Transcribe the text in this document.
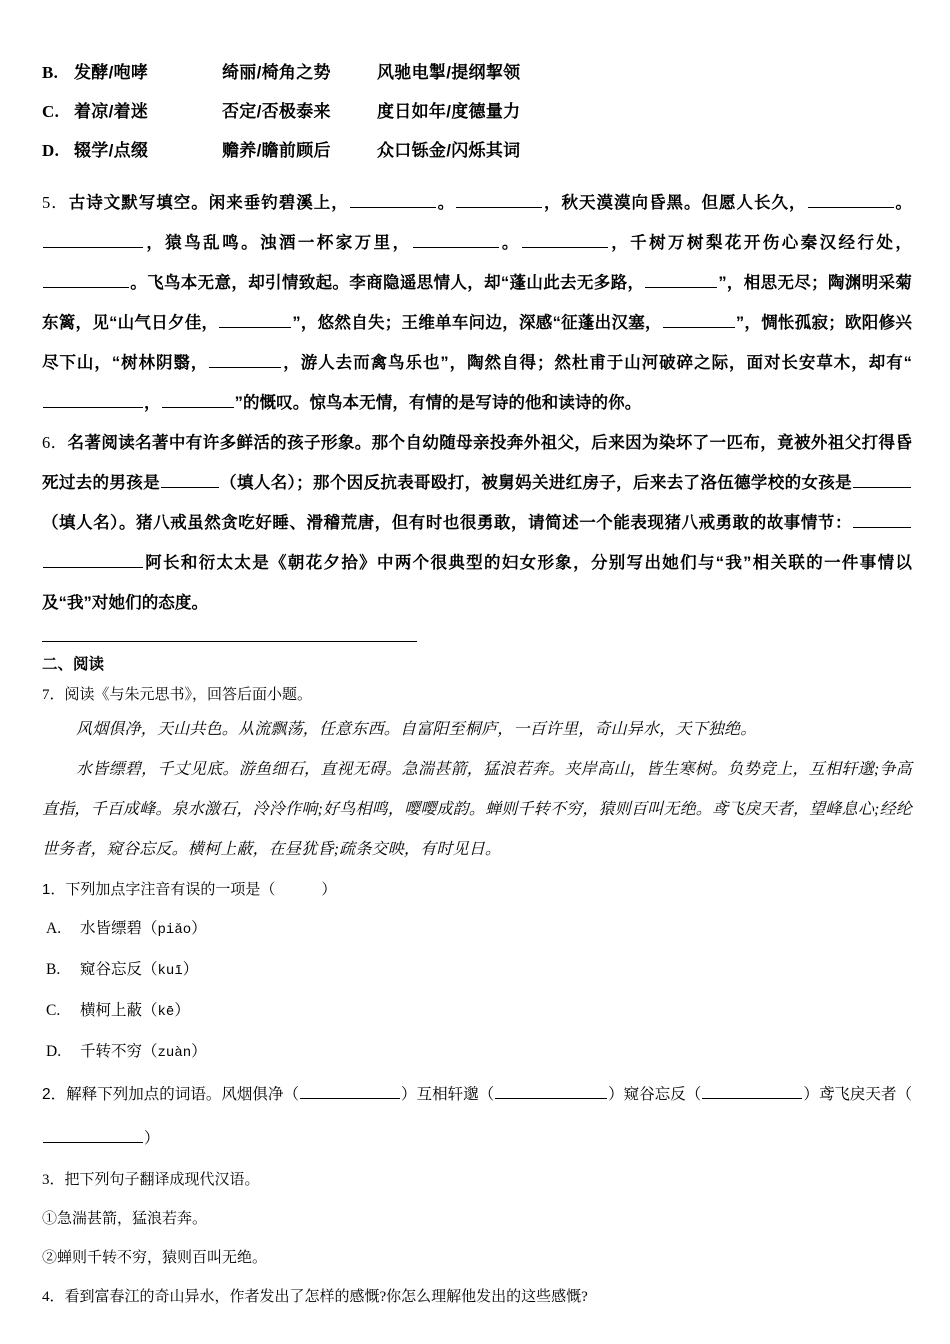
B. 发酵/咆哮	绮丽/椅角之势	风驰电掣/提纲挈领
C. 着凉/着迷	否定/否极泰来	度日如年/度德量力
D. 辍学/点缀	赡养/瞻前顾后	众口铄金/闪烁其词
5．古诗文默写填空。闲来垂钓碧溪上，	。	，秋天漠漠向昏黑。但愿人长久，	。，猿鸟乱鸣。浊酒一杯家万里，	。	，千树万树梨花开伤心秦汉经行处，。飞鸟本无意，却引情致起。李商隐遥思情人，却“蓬山此去无多路，	”，相思无尽；陶渊明采菊东篱，见“山气日夕佳，	”，悠然自失；王维单车问边，深感“征蓬出汉塞，	”，惆怅孤寂；欧阳修兴尽下山，“树林阴翳，	，游人去而禽鸟乐也”，陶然自得；然杜甫于山河破碎之际，面对长安草木，却有“，	”的慨叹。惊鸟本无情，有情的是写诗的他和读诗的你。
6．名著阅读名著中有许多鲜活的孩子形象。那个自幼随母亲投奔外祖父，后来因为染坏了一匹布，竟被外祖父打得昏死过去的男孩是	（填人名）；那个因反抗表哥殴打，被舅妈关进红房子，后来去了洛伍德学校的女孩是（填人名）。猪八戒虽然贪吃好睡、滑稽荒唐，但有时也很勇敢，请简述一个能表现猪八戒勇敢的故事情节：阿长和衍太太是《朝花夕拾》中两个很典型的妇女形象，分别写出她们与“我”相关联的一件事情以及“我”对她们的态度。
二、阅读
7．阅读《与朱元思书》，回答后面小题。
风烟俱净，天山共色。从流飘荡，任意东西。自富阳至桐庐，一百许里，奇山异水，天下独绝。
水皆缥碧，千丈见底。游鱼细石，直视无碍。急湍甚箭，猛浪若奔。夹岸高山，皆生寒树。负势竞上，互相轩邈;争高直指，千百成峰。泉水激石，泠泠作响;好鸟相鸣，嘤嘤成韵。蝉则千转不穷，猿则百叫无绝。鸢飞戾天者，望峰息心;经纶世务者，窥谷忘反。横柯上蔽，在昼犹昏;疏条交映，有时见日。
1．下列加点字注音有误的一项是（	）
A.	水皆缥碧（ piǎo ）
B.	窥谷忘反（ kuī ）
C.	横柯上蔽（ kē ）
D.	千转不穷（ zuàn ）
2．解释下列加点的词语。风烟俱净（	）互相轩邈（	）窥谷忘反（	）鸢飞戾天者（）
3．把下列句子翻译成现代汉语。
①急湍甚箭，猛浪若奔。
②蝉则千转不穷，猿则百叫无绝。
4．看到富春江的奇山异水，作者发出了怎样的感慨?你怎么理解他发出的这些感慨?
